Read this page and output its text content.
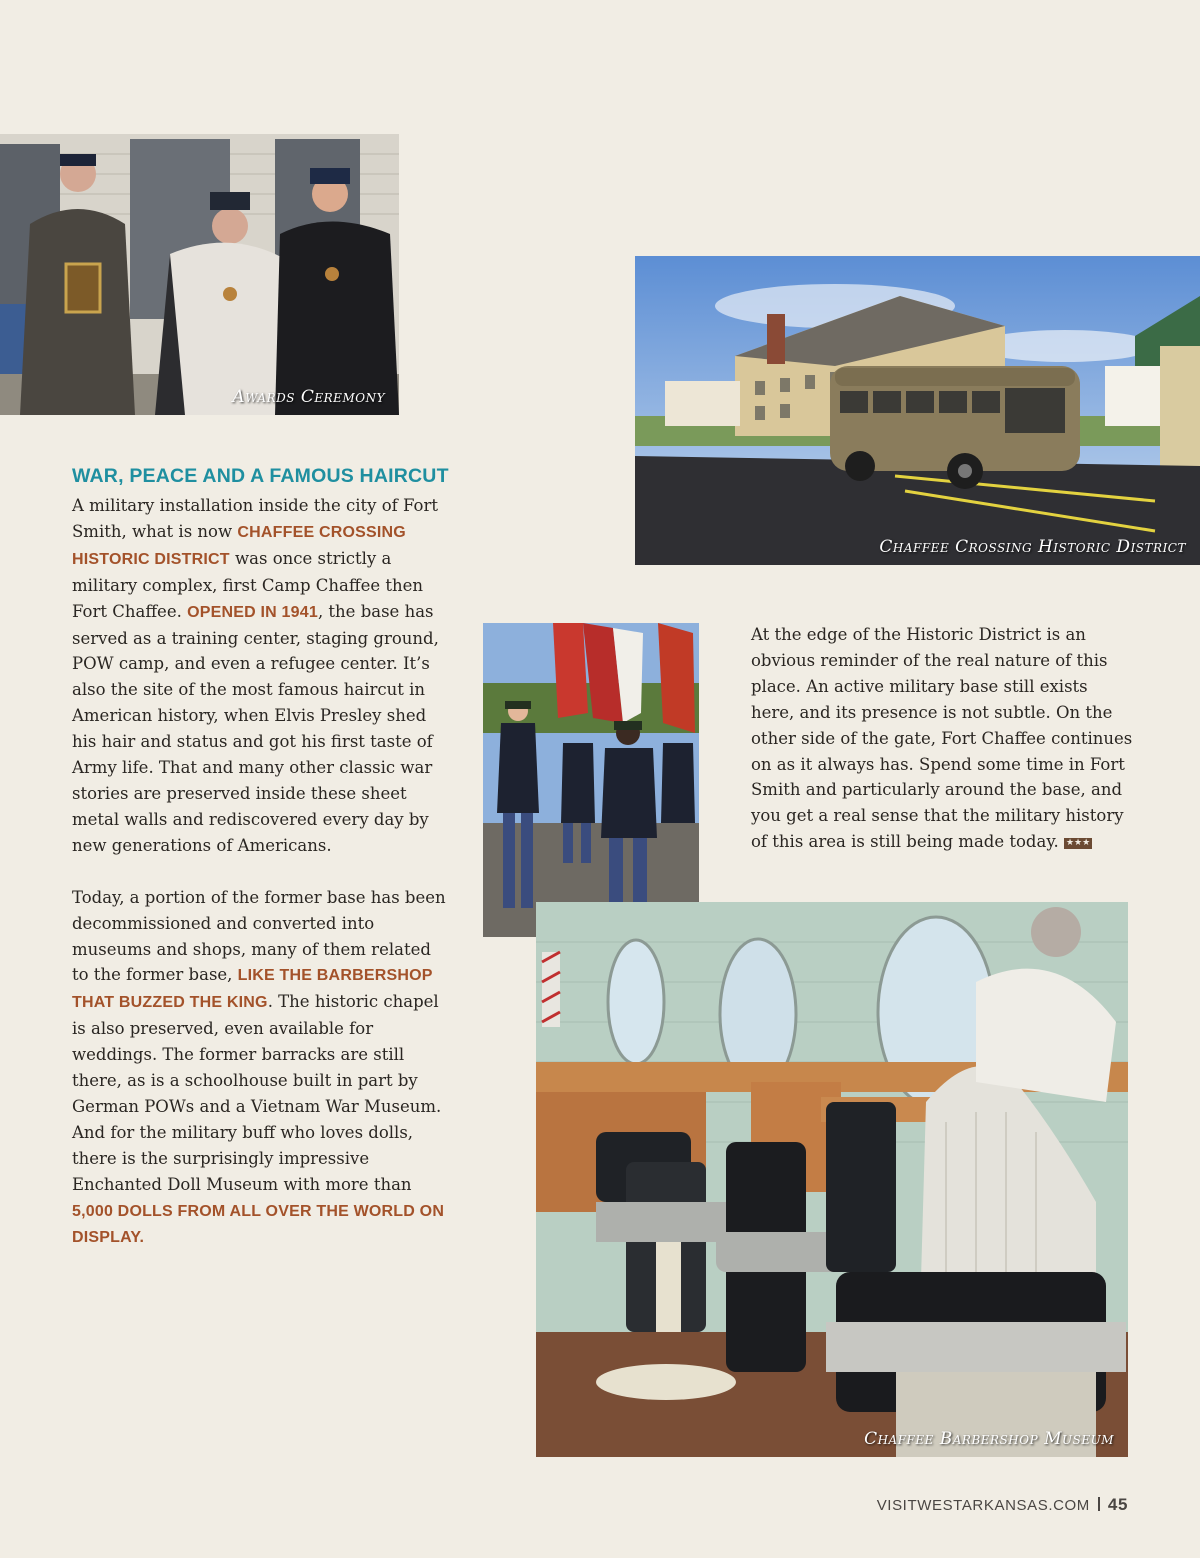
Awards Ceremony
Chaffee Crossing Historic District
Chaffee Barbershop Museum
WAR, PEACE AND A FAMOUS HAIRCUT

A military installation inside the city of Fort Smith, what is now CHAFFEE CROSSING HISTORIC DISTRICT was once strictly a military complex, first Camp Chaffee then Fort Chaffee. OPENED IN 1941, the base has served as a training center, staging ground, POW camp, and even a refugee center. It’s also the site of the most famous haircut in American history, when Elvis Presley shed his hair and status and got his first taste of Army life. That and many other classic war stories are preserved inside these sheet metal walls and rediscovered every day by new generations of Americans.

Today, a portion of the former base has been decommissioned and converted into museums and shops, many of them related to the former base, LIKE THE BARBERSHOP THAT BUZZED THE KING. The historic chapel is also preserved, even available for weddings. The former barracks are still there, as is a schoolhouse built in part by German POWs and a Vietnam War Museum. And for the military buff who loves dolls, there is the surprisingly impressive Enchanted Doll Museum with more than 5,000 DOLLS FROM ALL OVER THE WORLD ON DISPLAY.

At the edge of the Historic District is an obvious reminder of the real nature of this place. An active military base still exists here, and its presence is not subtle. On the other side of the gate, Fort Chaffee continues on as it always has. Spend some time in Fort Smith and particularly around the base, and you get a real sense that the military history of this area is still being made today. ★★★

VISITWESTARKANSAS.COM 45
